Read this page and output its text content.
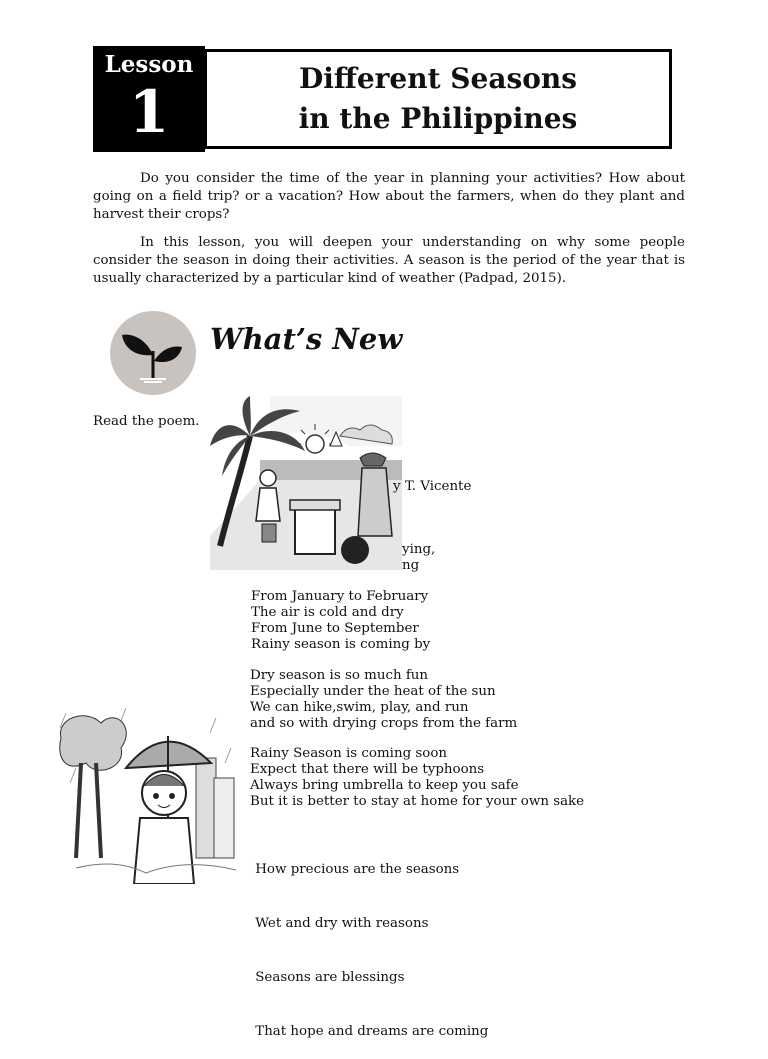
Lesson
1	Different Seasons
in the Philippines

Do you consider the time of the year in planning your activities? How about going on a field trip? or a vacation? How about the farmers, when do they plant and harvest their crops?

In this lesson, you will deepen your understanding on why some people consider the season in doing their activities. A season is the period of the year that is usually characterized by a particular kind of weather (Padpad, 2015).

What’s New
Read the poem.
y T. Vicente
ying,
ng
From January to February
The air is cold and dry
From June to September
Rainy season is coming by
Dry season is so much fun
Especially under the heat of the sun
We can hike,swim, play, and run
and so with drying crops from the farm
Rainy Season is coming soon
Expect that there will be typhoons
Always bring umbrella to keep you safe
But it is better to stay at home for your own sake

How precious are the seasons

Wet and dry with reasons

Seasons are blessings

That hope and dreams are coming
